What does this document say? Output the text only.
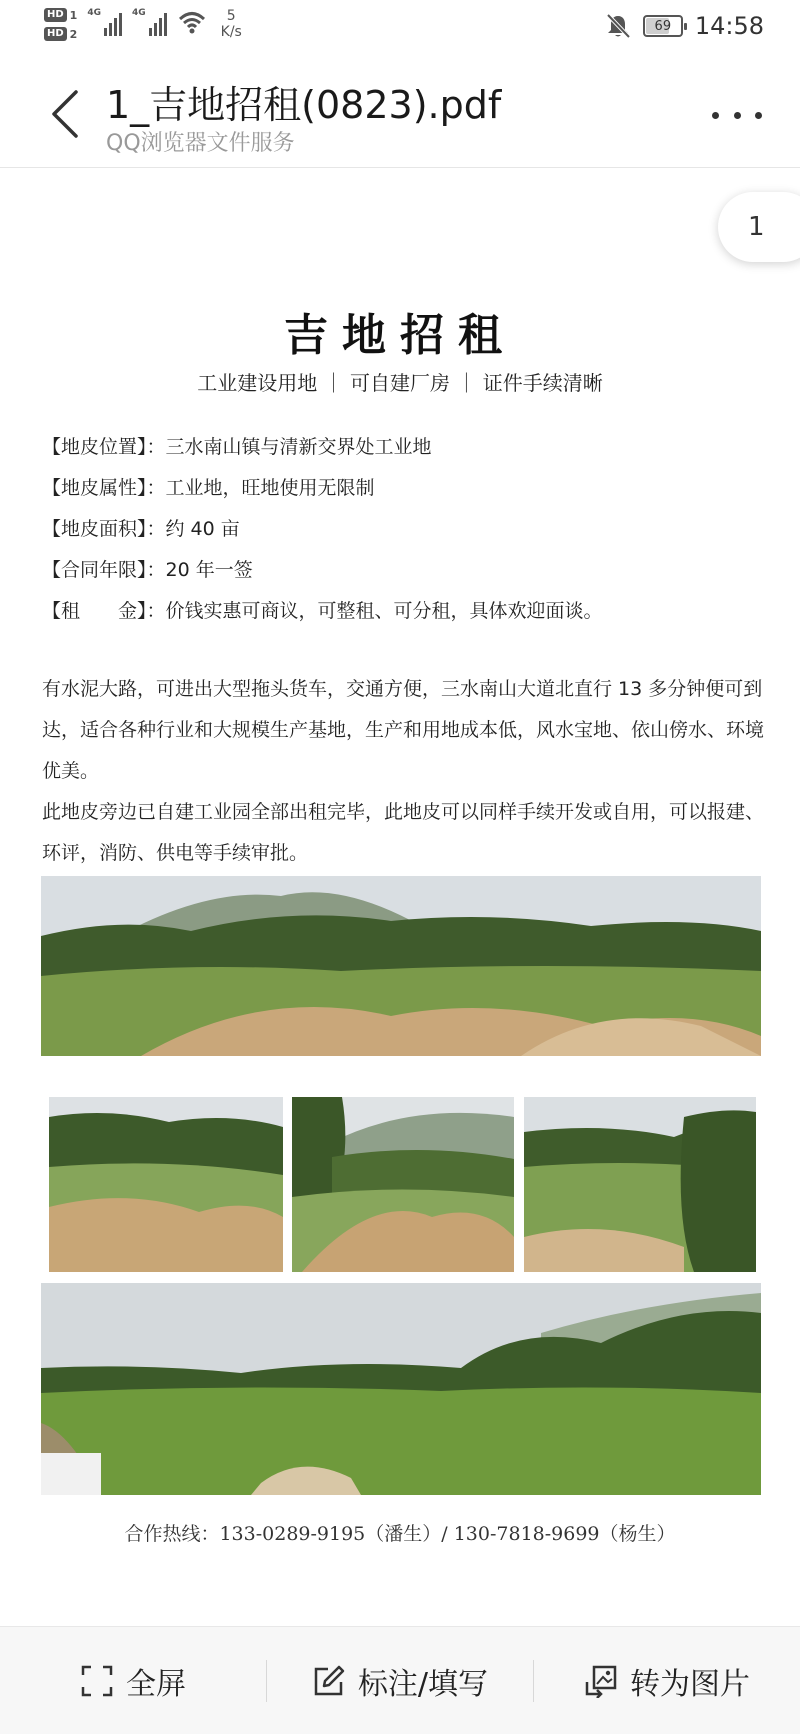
HD 1
HD 2
4G	4G	5
K/s	69 14:58
1_吉地招租(0823).pdf
QQ浏览器文件服务
吉地招租
工业建设用地 ｜ 可自建厂房 ｜ 证件手续清晰
【地皮位置】：三水南山镇与清新交界处工业地
【地皮属性】：工业地，旺地使用无限制
【地皮面积】：约 40 亩
【合同年限】：20 年一签
【租　　金】：价钱实惠可商议，可整租、可分租，具体欢迎面谈。
有水泥大路，可进出大型拖头货车，交通方便，三水南山大道北直行 13 多分钟便可到达，适合各种行业和大规模生产基地，生产和用地成本低，风水宝地、依山傍水、环境优美。
此地皮旁边已自建工业园全部出租完毕，此地皮可以同样手续开发或自用，可以报建、环评，消防、供电等手续审批。
合作热线：133-0289-9195（潘生）/ 130-7818-9699（杨生）
1
全屏	标注/填写	转为图片
